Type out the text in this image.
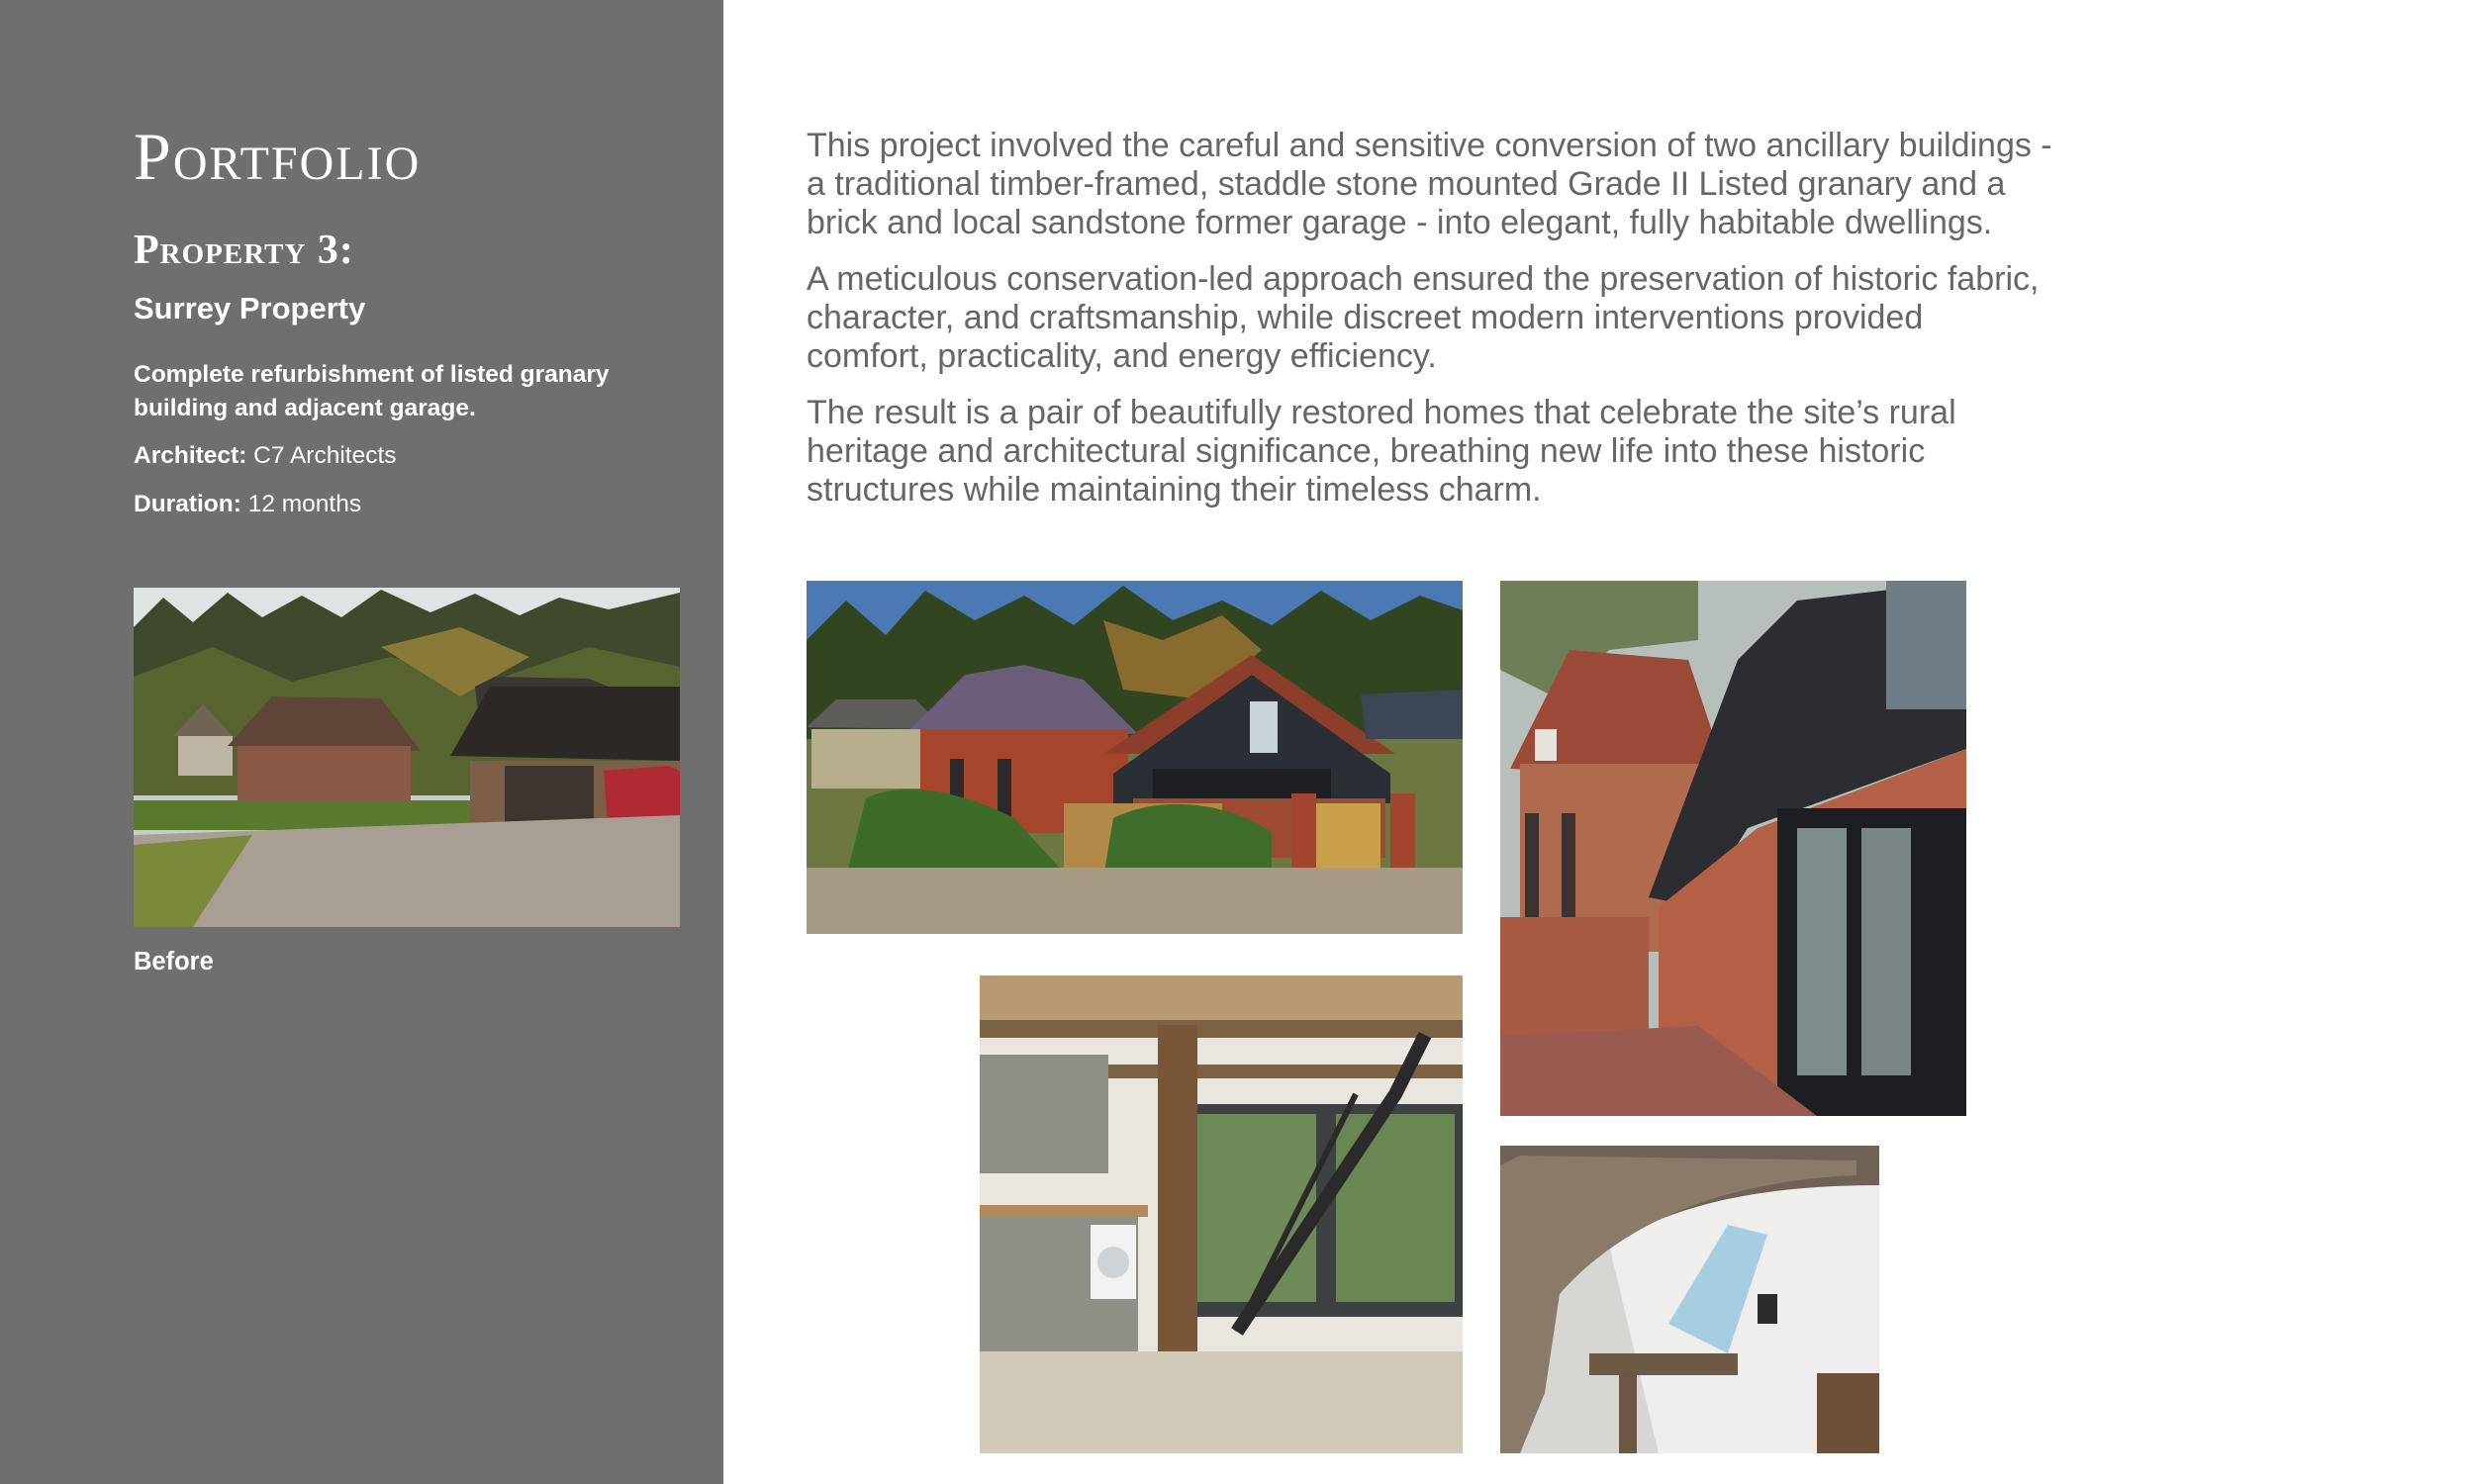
Portfolio
Property 3:
Surrey Property

Complete refurbishment of listed granary building and adjacent garage.

Architect: C7 Architects

Duration: 12 months

Before

This project involved the careful and sensitive conversion of two ancillary buildings - a traditional timber-framed, staddle stone mounted Grade II Listed granary and a brick and local sandstone former garage - into elegant, fully habitable dwellings.

A meticulous conservation-led approach ensured the preservation of historic fabric, character, and craftsmanship, while discreet modern interventions provided comfort, practicality, and energy efficiency.

The result is a pair of beautifully restored homes that celebrate the site’s rural heritage and architectural significance, breathing new life into these historic structures while maintaining their timeless charm.
